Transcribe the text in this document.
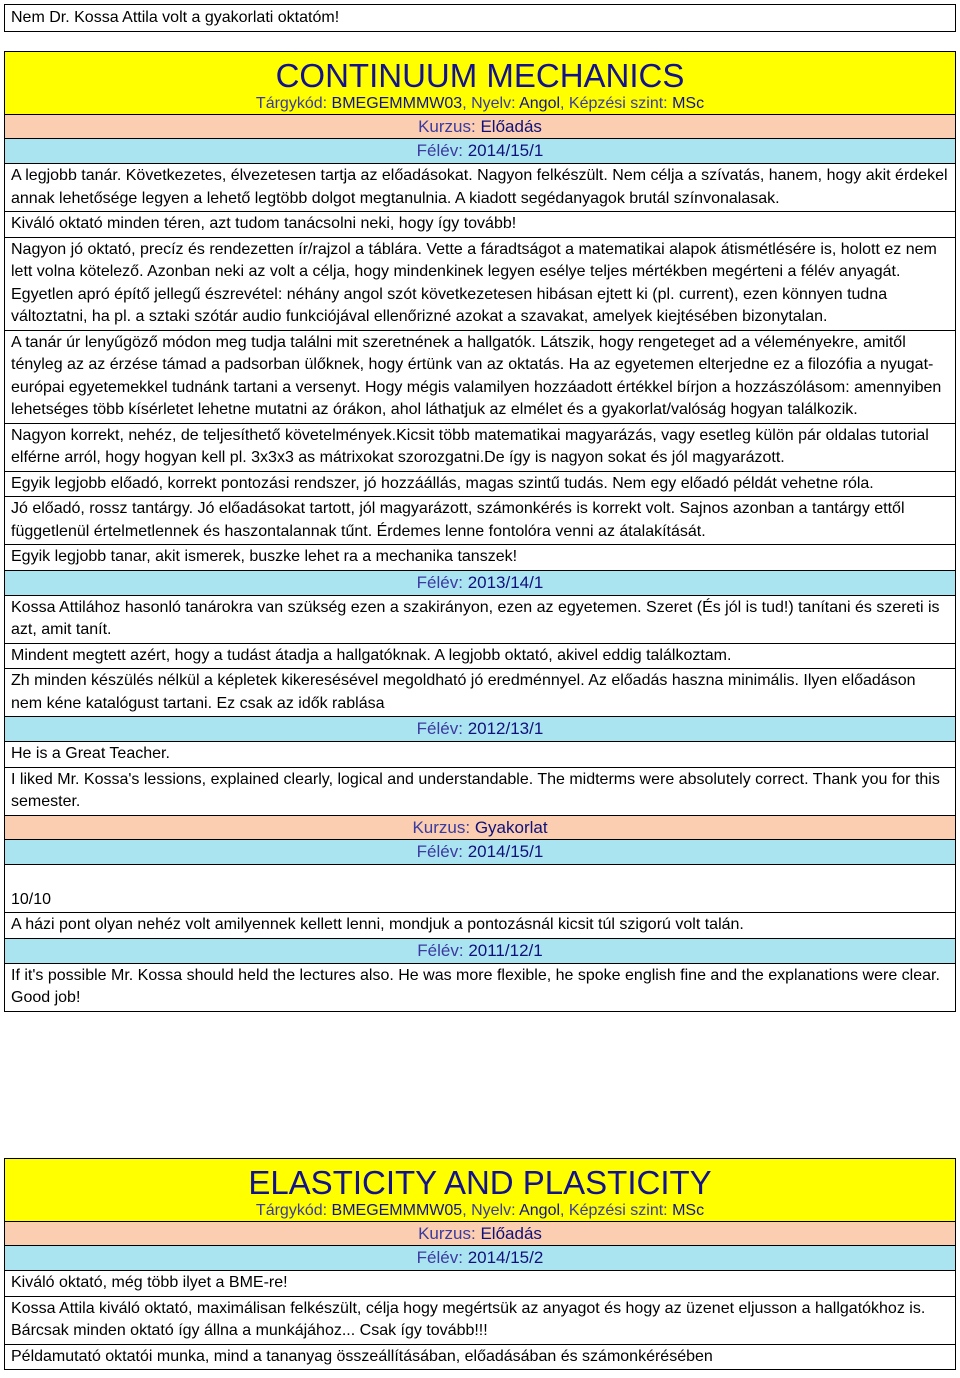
Nem Dr. Kossa Attila volt a gyakorlati oktatóm!
CONTINUUM MECHANICS
Tárgykód: BMEGEMMMW03, Nyelv: Angol, Képzési szint: MSc
Kurzus: Előadás
Félév: 2014/15/1
A legjobb tanár. Következetes, élvezetesen tartja az előadásokat. Nagyon felkészült. Nem célja a szívatás, hanem, hogy akit érdekel annak lehetősége legyen a lehető legtöbb dolgot megtanulnia. A kiadott segédanyagok brutál színvonalasak.
Kiváló oktató minden téren, azt tudom tanácsolni neki, hogy így tovább!
Nagyon jó oktató, precíz és rendezetten ír/rajzol a táblára. Vette a fáradtságot a matematikai alapok átismétlésére is, holott ez nem lett volna kötelező. Azonban neki az volt a célja, hogy mindenkinek legyen esélye teljes mértékben megérteni a félév anyagát. Egyetlen apró építő jellegű észrevétel: néhány angol szót következetesen hibásan ejtett ki (pl. current), ezen könnyen tudna változtatni, ha pl. a sztaki szótár audio funkciójával ellenőrizné azokat a szavakat, amelyek kiejtésében bizonytalan.
A tanár úr lenyűgöző módon meg tudja találni mit szeretnének a hallgatók. Látszik, hogy rengeteget ad a véleményekre, amitől tényleg az az érzése támad a padsorban ülőknek, hogy értünk van az oktatás. Ha az egyetemen elterjedne ez a filozófia a nyugat-európai egyetemekkel tudnánk tartani a versenyt. Hogy mégis valamilyen hozzáadott értékkel bírjon a hozzászólásom: amennyiben lehetséges több kísérletet lehetne mutatni az órákon, ahol láthatjuk az elmélet és a gyakorlat/valóság hogyan találkozik.
Nagyon korrekt, nehéz, de teljesíthető követelmények.Kicsit több matematikai magyarázás, vagy esetleg külön pár oldalas tutorial elférne arról, hogy hogyan kell pl. 3x3x3 as mátrixokat szorozgatni.De így is nagyon sokat és jól magyarázott.
Egyik legjobb előadó, korrekt pontozási rendszer, jó hozzáállás, magas szintű tudás. Nem egy előadó példát vehetne róla.
Jó előadó, rossz tantárgy. Jó előadásokat tartott, jól magyarázott, számonkérés is korrekt volt. Sajnos azonban a tantárgy ettől függetlenül értelmetlennek és haszontalannak tűnt. Érdemes lenne fontolóra venni az átalakítását.
Egyik legjobb tanar, akit ismerek, buszke lehet ra a mechanika tanszek!
Félév: 2013/14/1
Kossa Attilához hasonló tanárokra van szükség ezen a szakirányon, ezen az egyetemen. Szeret (És jól is tud!) tanítani és szereti is azt, amit tanít.
Mindent megtett azért, hogy a tudást átadja a hallgatóknak. A legjobb oktató, akivel eddig találkoztam.
Zh minden készülés nélkül a képletek kikeresésével megoldható jó eredménnyel. Az előadás haszna minimális. Ilyen előadáson nem kéne katalógust tartani. Ez csak az idők rablása
Félév: 2012/13/1
He is a Great Teacher.
I liked Mr. Kossa's lessions, explained clearly, logical and understandable. The midterms were absolutely correct. Thank you for this semester.
Kurzus: Gyakorlat
Félév: 2014/15/1
10/10
A házi pont olyan nehéz volt amilyennek kellett lenni, mondjuk a pontozásnál kicsit túl szigorú volt talán.
Félév: 2011/12/1
If it's possible Mr. Kossa should held the lectures also. He was more flexible, he spoke english fine and the explanations were clear. Good job!
ELASTICITY AND PLASTICITY
Tárgykód: BMEGEMMMW05, Nyelv: Angol, Képzési szint: MSc
Kurzus: Előadás
Félév: 2014/15/2
Kiváló oktató, még több ilyet a BME-re!
Kossa Attila kiváló oktató, maximálisan felkészült, célja hogy megértsük az anyagot és hogy az üzenet eljusson a hallgatókhoz is. Bárcsak minden oktató így állna a munkájához... Csak így tovább!!!
Példamutató oktatói munka, mind a tananyag összeállításában, előadásában és számonkérésében
